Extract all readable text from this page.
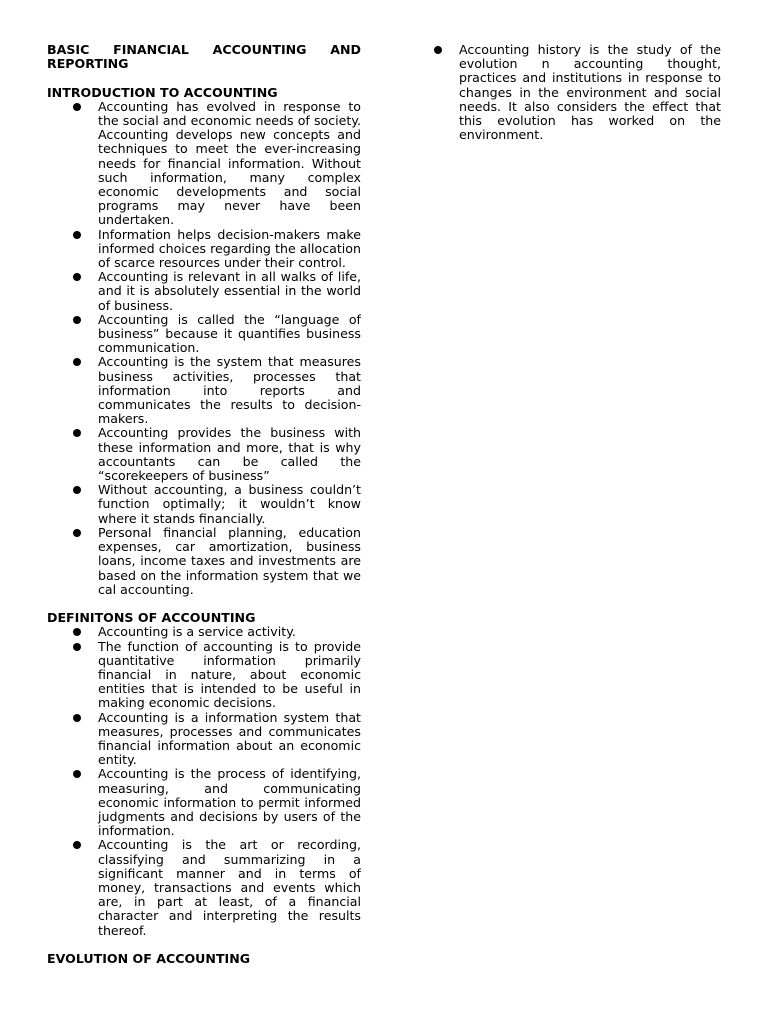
BASIC FINANCIAL ACCOUNTING AND REPORTING
INTRODUCTION TO ACCOUNTING
Accounting has evolved in response to the social and economic needs of society. Accounting develops new concepts and techniques to meet the ever-increasing needs for financial information. Without such information, many complex economic developments and social programs may never have been undertaken.
Information helps decision-makers make informed choices regarding the allocation of scarce resources under their control.
Accounting is relevant in all walks of life, and it is absolutely essential in the world of business.
Accounting is called the “language of business” because it quantifies business communication.
Accounting is the system that measures business activities, processes that information into reports and communicates the results to decision-makers.
Accounting provides the business with these information and more, that is why accountants can be called the “scorekeepers of business”
Without accounting, a business couldn’t function optimally; it wouldn’t know where it stands financially.
Personal financial planning, education expenses, car amortization, business loans, income taxes and investments are based on the information system that we cal accounting.
DEFINITONS OF ACCOUNTING
Accounting is a service activity.
The function of accounting is to provide quantitative information primarily financial in nature, about economic entities that is intended to be useful in making economic decisions.
Accounting is a information system that measures, processes and communicates financial information about an economic entity.
Accounting is the process of identifying, measuring, and communicating economic information to permit informed judgments and decisions by users of the information.
Accounting is the art or recording, classifying and summarizing in a significant manner and in terms of money, transactions and events which are, in part at least, of a financial character and interpreting the results thereof.
EVOLUTION OF ACCOUNTING
Accounting history is the study of the evolution n accounting thought, practices and institutions in response to changes in the environment and social needs. It also considers the effect that this evolution has worked on the environment.
